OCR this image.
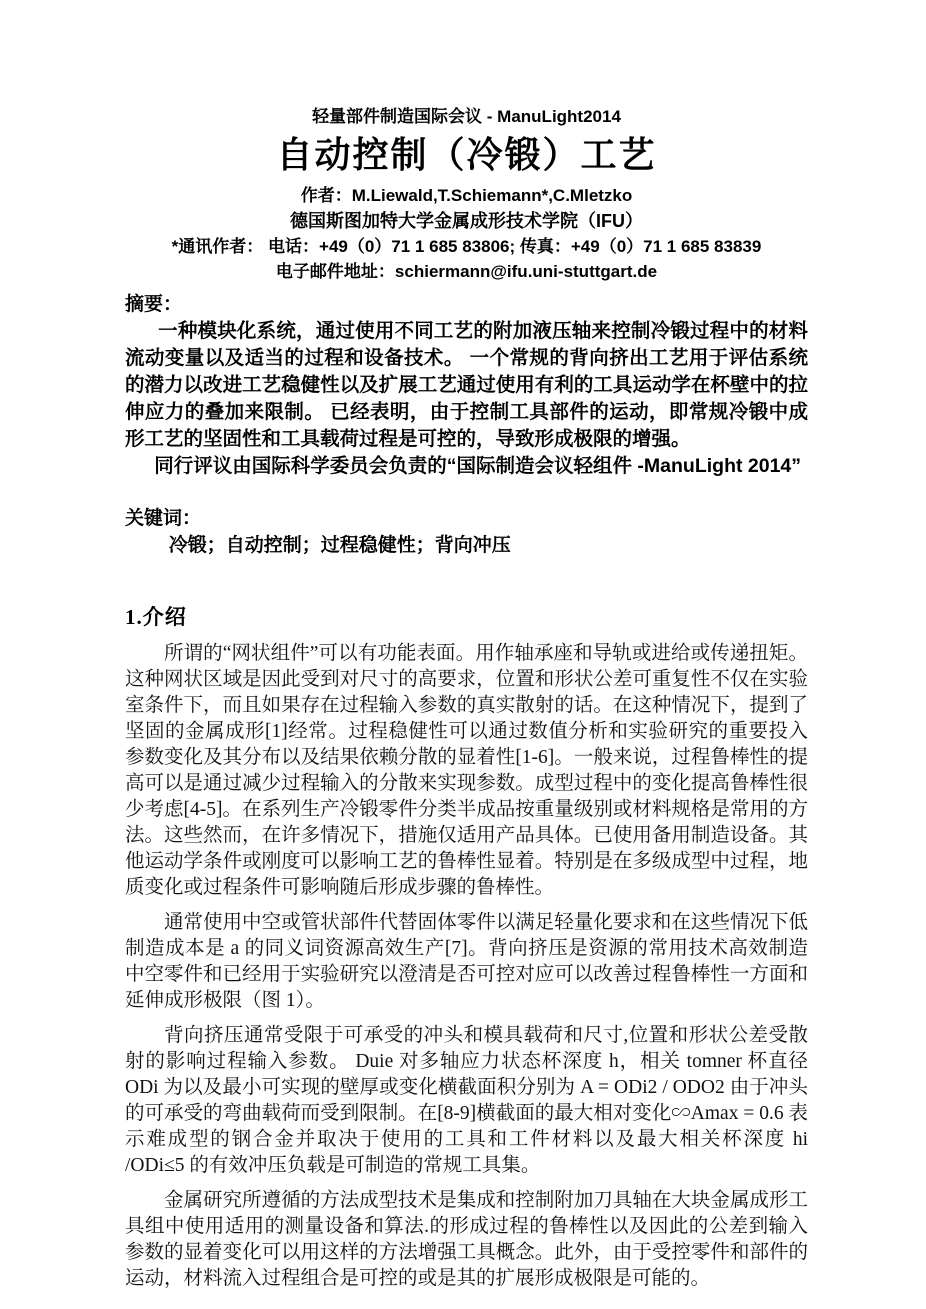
轻量部件制造国际会议 - ManuLight2014
自动控制（冷锻）工艺
作者：M.Liewald,T.Schiemann*,C.Mletzko
德国斯图加特大学金属成形技术学院（IFU）
*通讯作者： 电话：+49（0）71 1 685 83806; 传真：+49（0）71 1 685 83839
电子邮件地址：schiermann@ifu.uni-stuttgart.de
摘要：

一种模块化系统，通过使用不同工艺的附加液压轴来控制冷锻过程中的材料流动变量以及适当的过程和设备技术。 一个常规的背向挤出工艺用于评估系统的潜力以改进工艺稳健性以及扩展工艺通过使用有利的工具运动学在杯壁中的拉伸应力的叠加来限制。 已经表明，由于控制工具部件的运动，即常规冷锻中成形工艺的坚固性和工具载荷过程是可控的，导致形成极限的增强。

同行评议由国际科学委员会负责的“国际制造会议轻组件 -ManuLight 2014”

关键词：
冷锻；自动控制；过程稳健性；背向冲压
1.介绍

所谓的“网状组件”可以有功能表面。用作轴承座和导轨或进给或传递扭矩。这种网状区域是因此受到对尺寸的高要求，位置和形状公差可重复性不仅在实验室条件下，而且如果存在过程输入参数的真实散射的话。在这种情况下，提到了坚固的金属成形[1]经常。过程稳健性可以通过数值分析和实验研究的重要投入参数变化及其分布以及结果依赖分散的显着性[1-6]。一般来说，过程鲁棒性的提高可以是通过减少过程输入的分散来实现参数。成型过程中的变化提高鲁棒性很少考虑[4-5]。在系列生产冷锻零件分类半成品按重量级别或材料规格是常用的方法。这些然而，在许多情况下，措施仅适用产品具体。已使用备用制造设备。其他运动学条件或刚度可以影响工艺的鲁棒性显着。特别是在多级成型中过程，地质变化或过程条件可影响随后形成步骤的鲁棒性。

通常使用中空或管状部件代替固体零件以满足轻量化要求和在这些情况下低制造成本是 a 的同义词资源高效生产[7]。背向挤压是资源的常用技术高效制造中空零件和已经用于实验研究以澄清是否可控对应可以改善过程鲁棒性一方面和延伸成形极限（图 1）。

背向挤压通常受限于可承受的冲头和模具载荷和尺寸,位置和形状公差受散射的影响过程输入参数。 Duie 对多轴应力状态杯深度 h，相关 tomner 杯直径 ODi 为以及最小可实现的壁厚或变化横截面积分别为 A = ODi2 / ODO2 由于冲头的可承受的弯曲载荷而受到限制。在[8-9]横截面的最大相对变化∽Amax = 0.6 表示难成型的钢合金并取决于使用的工具和工件材料以及最大相关杯深度 hi /ODi≤5 的有效冲压负载是可制造的常规工具集。

金属研究所遵循的方法成型技术是集成和控制附加刀具轴在大块金属成形工具组中使用适用的测量设备和算法.的形成过程的鲁棒性以及因此的公差到输入参数的显着变化可以用这样的方法增强工具概念。此外，由于受控零件和部件的运动，材料流入过程组合是可控的或是其的扩展形成极限是可能的。
